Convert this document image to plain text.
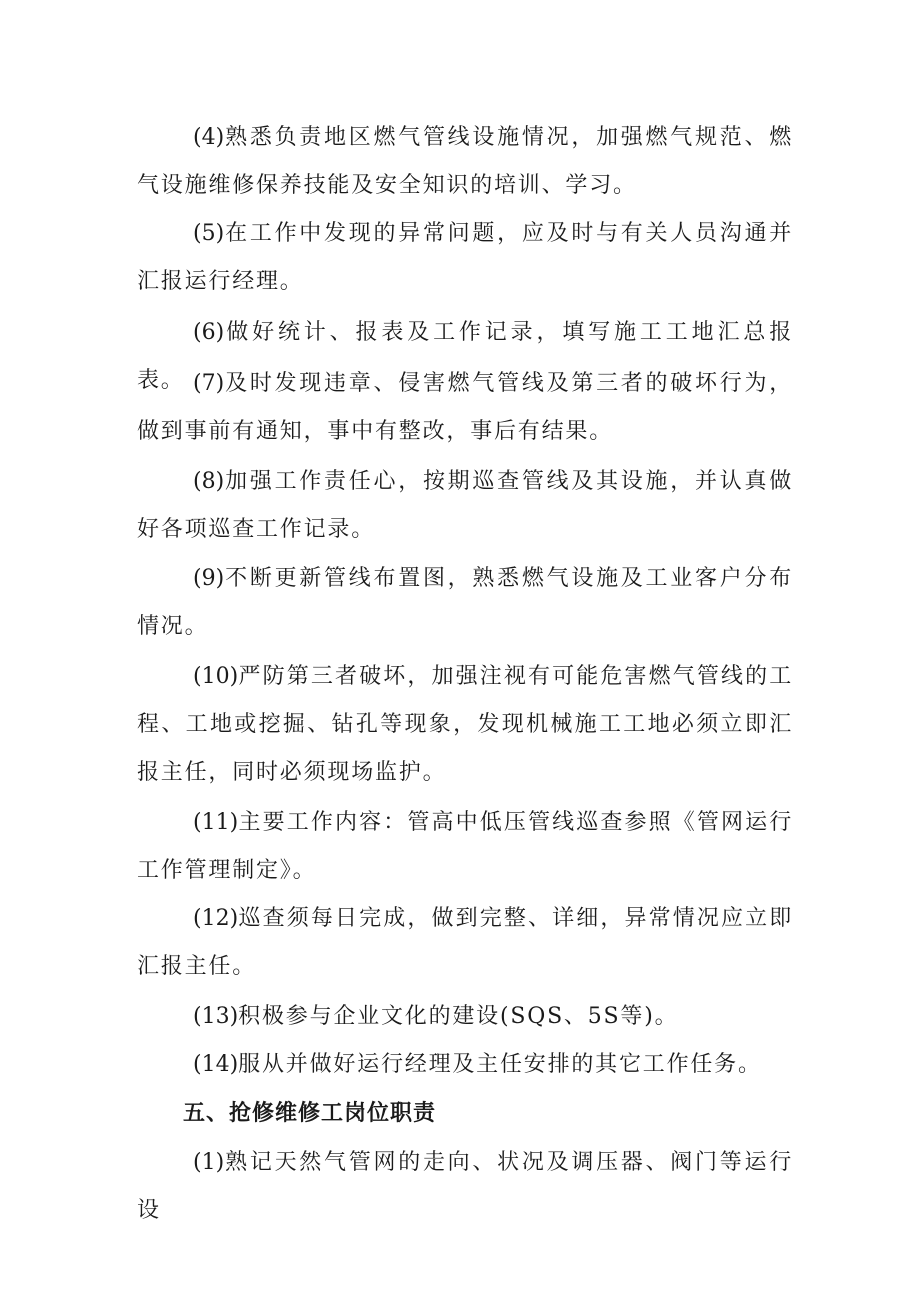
(4)熟悉负责地区燃气管线设施情况，加强燃气规范、燃气设施维修保养技能及安全知识的培训、学习。

(5)在工作中发现的异常问题，应及时与有关人员沟通并汇报运行经理。

(6)做好统计、报表及工作记录，填写施工工地汇总报表。 (7)及时发现违章、侵害燃气管线及第三者的破坏行为，做到事前有通知，事中有整改，事后有结果。

(8)加强工作责任心，按期巡查管线及其设施，并认真做好各项巡查工作记录。

(9)不断更新管线布置图，熟悉燃气设施及工业客户分布情况。

(10)严防第三者破坏，加强注视有可能危害燃气管线的工程、工地或挖掘、钻孔等现象，发现机械施工工地必须立即汇报主任，同时必须现场监护。

(11)主要工作内容：管高中低压管线巡查参照《管网运行工作管理制定》。

(12)巡查须每日完成，做到完整、详细，异常情况应立即汇报主任。

(13)积极参与企业文化的建设(SQS、5S等)。

(14)服从并做好运行经理及主任安排的其它工作任务。

五、抢修维修工岗位职责

(1)熟记天然气管网的走向、状况及调压器、阀门等运行设
